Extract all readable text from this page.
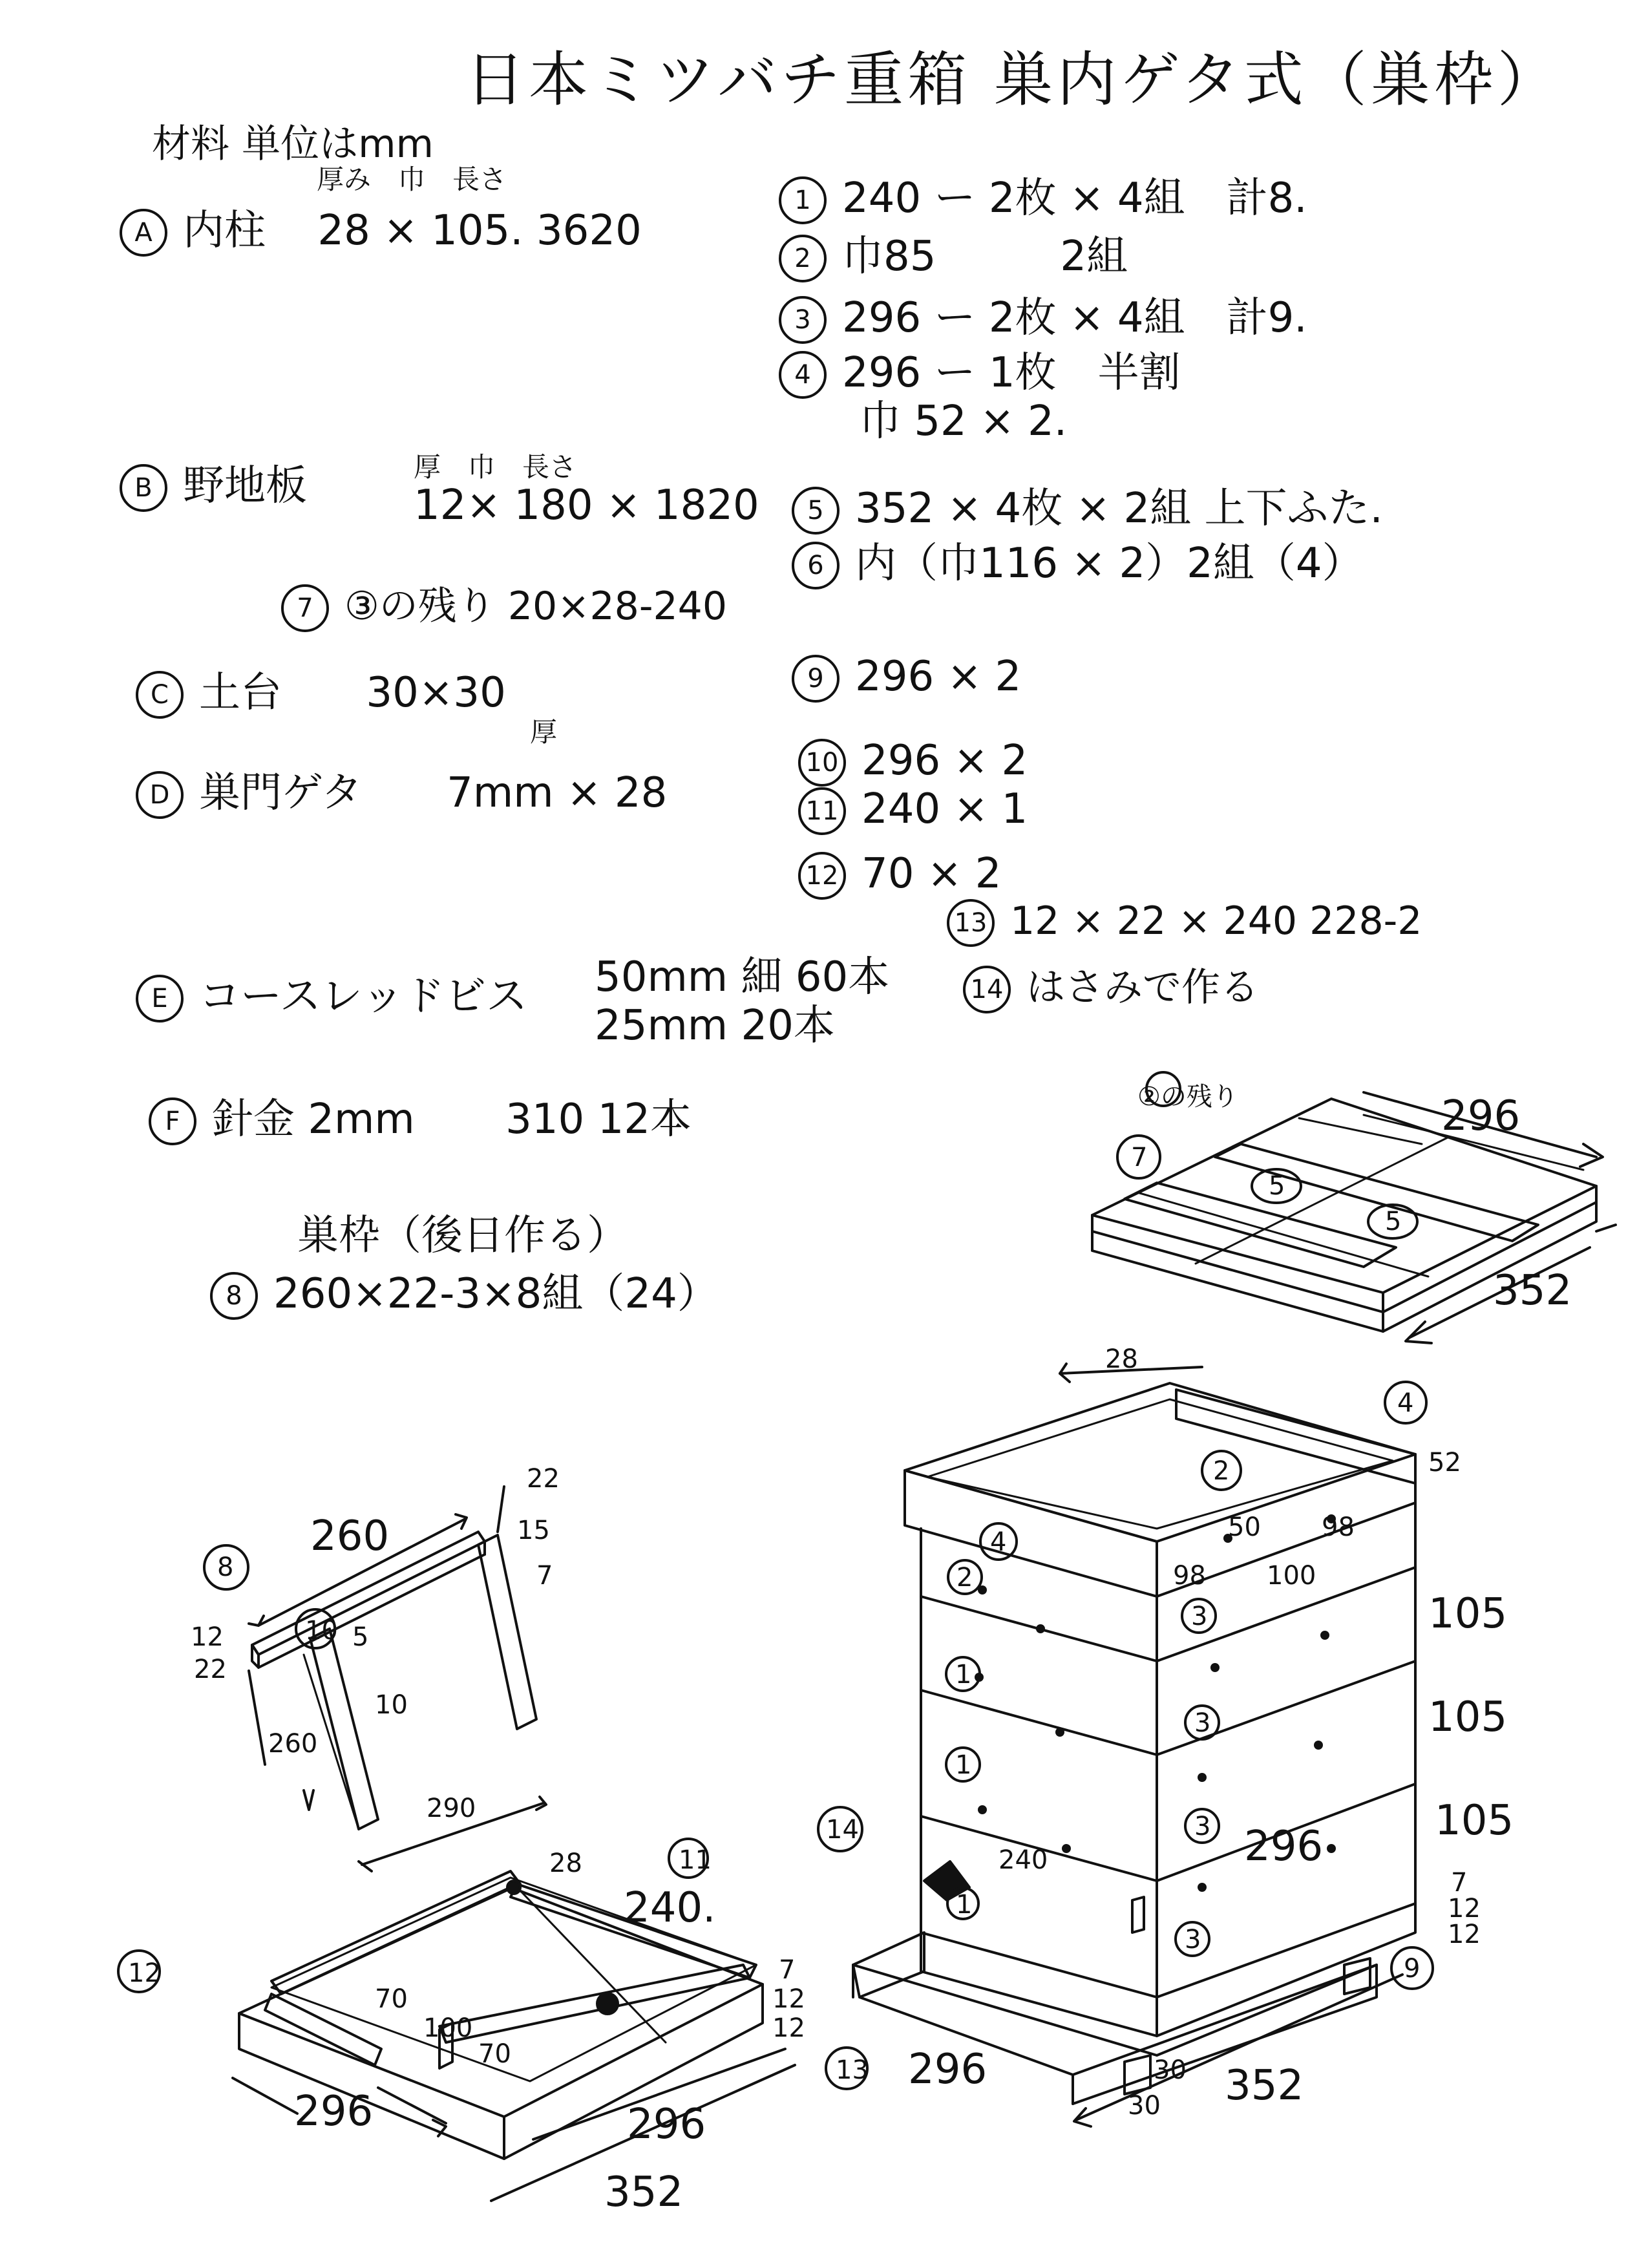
日本ミツバチ重箱 巣内ゲタ式（巣枠）
材料 単位はmm
厚み　巾　長さ
A 内柱 28 × 105. 3620
厚　巾　長さ
B 野地板	12× 180 × 1820
7 ③の残り 20×28-240
C 土台 30×30
厚
D 巣門ゲタ 7mm × 28
E コースレッドビス 50mm 細 60本
25mm 20本
F 針金 2mm 310 12本
巣枠（後日作る）
8 260×22-3×8組（24）
1 240 ー 2枚 × 4組　計8.
2 巾85　　　2組
3 296 ー 2枚 × 4組　計9.
4 296 ー 1枚　半割
巾 52 × 2.
5 352 × 4枚 × 2組 上下ふた.
6 内（巾116 × 2）2組（4）
9 296 × 2
10 296 × 2
11 240 × 1
12 70 × 2
13 12 × 22 × 240 228-2
14 はさみで作る
②の残り
7
5
5
296
352
8
260
22
15
7
12
22
5
10
260
290
10
11
12
13
28
240.
70
100
70
7
12
12
296	296
352
28
4
52
2
50 98
98 100
4
2
3
1
3
1
3
14
1
3
9
105
105
105
7
12
12
240	296
296	30
30 352
